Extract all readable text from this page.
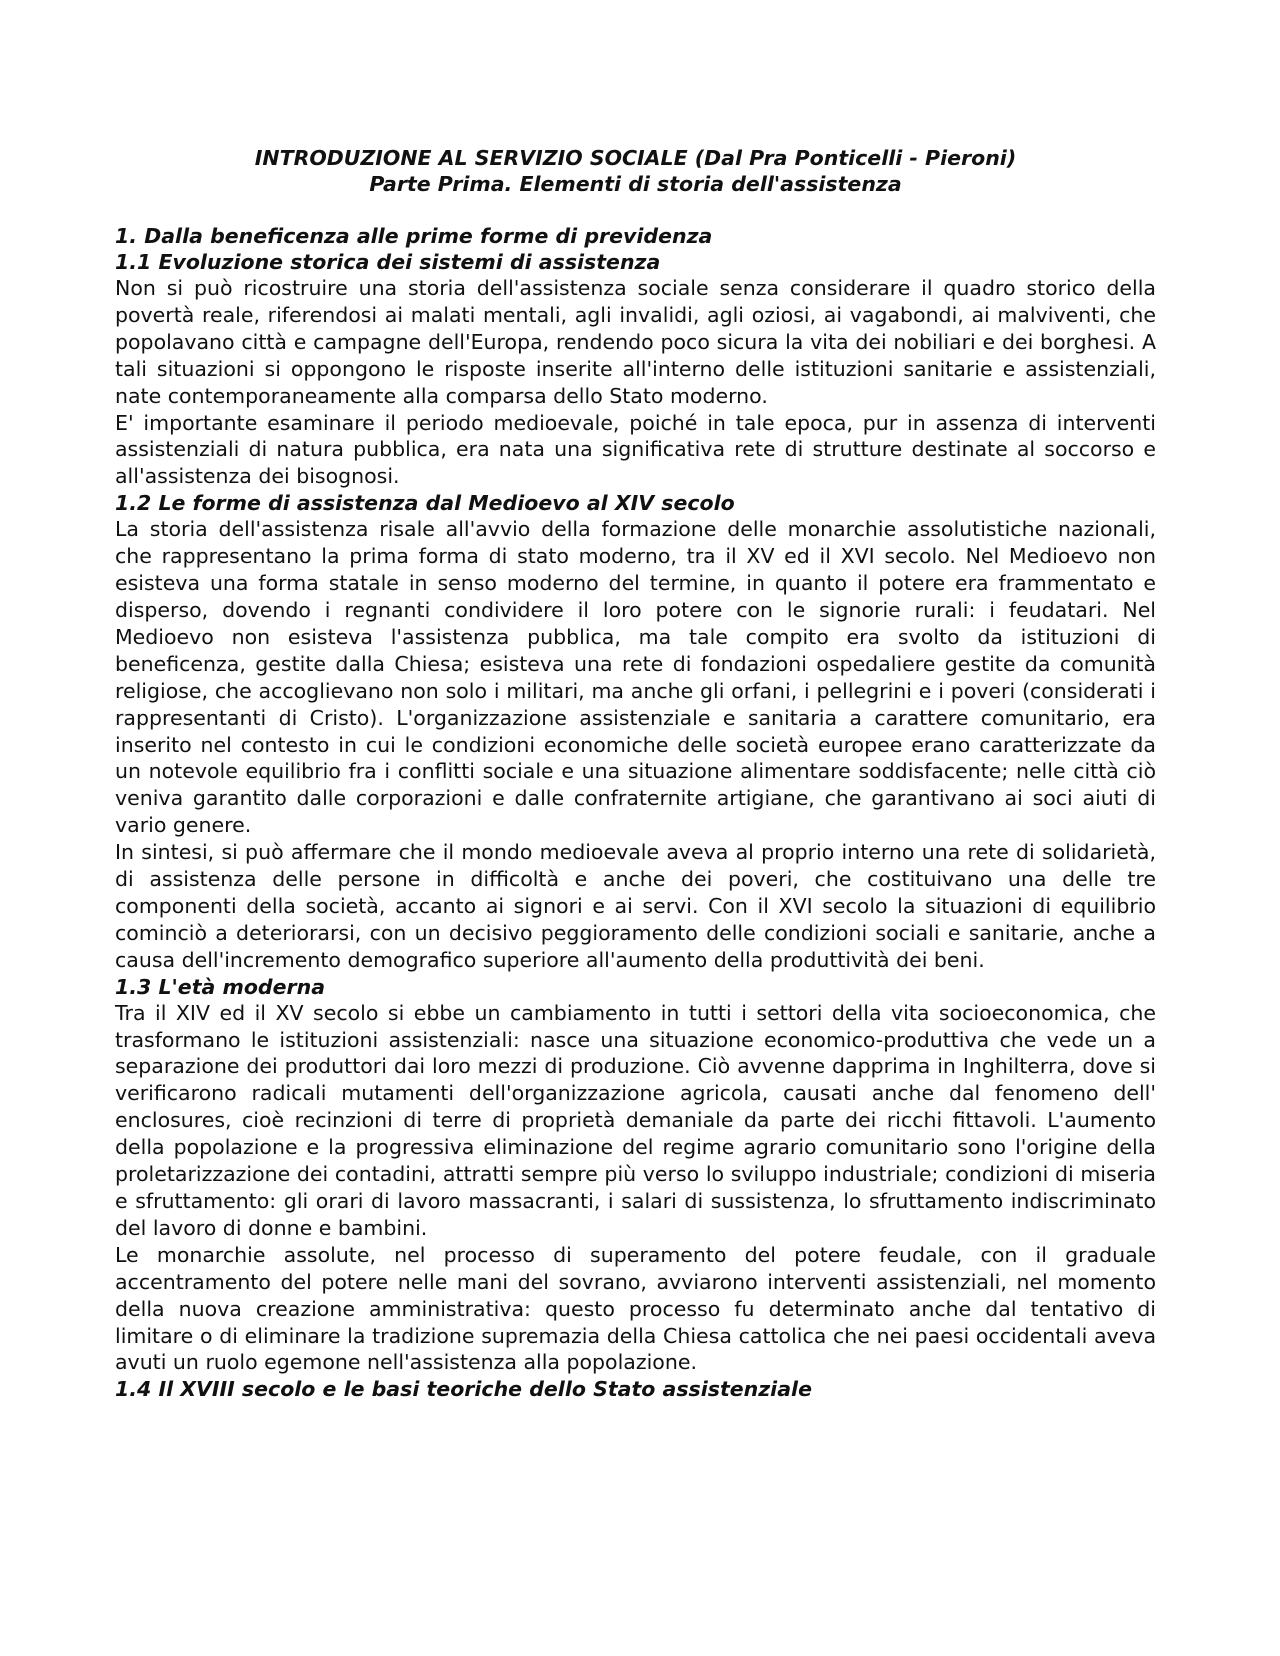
INTRODUZIONE AL SERVIZIO SOCIALE (Dal Pra Ponticelli - Pieroni)
Parte Prima. Elementi di storia dell'assistenza
1. Dalla beneficenza alle prime forme di previdenza
1.1 Evoluzione storica dei sistemi di assistenza

Non si può ricostruire una storia dell'assistenza sociale senza considerare il quadro storico della povertà reale, riferendosi ai malati mentali, agli invalidi, agli oziosi, ai vagabondi, ai malviventi, che popolavano città e campagne dell'Europa, rendendo poco sicura la vita dei nobiliari e dei borghesi. A tali situazioni si oppongono le risposte inserite all'interno delle istituzioni sanitarie e assistenziali, nate contemporaneamente alla comparsa dello Stato moderno.

E' importante esaminare il periodo medioevale, poiché in tale epoca, pur in assenza di interventi assistenziali di natura pubblica, era nata una significativa rete di strutture destinate al soccorso e all'assistenza dei bisognosi.

1.2 Le forme di assistenza dal Medioevo al XIV secolo

La storia dell'assistenza risale all'avvio della formazione delle monarchie assolutistiche nazionali, che rappresentano la prima forma di stato moderno, tra il XV ed il XVI secolo. Nel Medioevo non esisteva una forma statale in senso moderno del termine, in quanto il potere era frammentato e disperso, dovendo i regnanti condividere il loro potere con le signorie rurali: i feudatari. Nel Medioevo non esisteva l'assistenza pubblica, ma tale compito era svolto da istituzioni di beneficenza, gestite dalla Chiesa; esisteva una rete di fondazioni ospedaliere gestite da comunità religiose, che accoglievano non solo i militari, ma anche gli orfani, i pellegrini e i poveri (considerati i rappresentanti di Cristo). L'organizzazione assistenziale e sanitaria a carattere comunitario, era inserito nel contesto in cui le condizioni economiche delle società europee erano caratterizzate da un notevole equilibrio fra i conflitti sociale e una situazione alimentare soddisfacente; nelle città ciò veniva garantito dalle corporazioni e dalle confraternite artigiane, che garantivano ai soci aiuti di vario genere.

In sintesi, si può affermare che il mondo medioevale aveva al proprio interno una rete di solidarietà, di assistenza delle persone in difficoltà e anche dei poveri, che costituivano una delle tre componenti della società, accanto ai signori e ai servi. Con il XVI secolo la situazioni di equilibrio cominciò a deteriorarsi, con un decisivo peggioramento delle condizioni sociali e sanitarie, anche a causa dell'incremento demografico superiore all'aumento della produttività dei beni.

1.3 L'età moderna

Tra il XIV ed il XV secolo si ebbe un cambiamento in tutti i settori della vita socioeconomica, che trasformano le istituzioni assistenziali: nasce una situazione economico-produttiva che vede un a separazione dei produttori dai loro mezzi di produzione. Ciò avvenne dapprima in Inghilterra, dove si verificarono radicali mutamenti dell'organizzazione agricola, causati anche dal fenomeno dell' enclosures, cioè recinzioni di terre di proprietà demaniale da parte dei ricchi fittavoli. L'aumento della popolazione e la progressiva eliminazione del regime agrario comunitario sono l'origine della proletarizzazione dei contadini, attratti sempre più verso lo sviluppo industriale; condizioni di miseria e sfruttamento: gli orari di lavoro massacranti, i salari di sussistenza, lo sfruttamento indiscriminato del lavoro di donne e bambini.

Le monarchie assolute, nel processo di superamento del potere feudale, con il graduale accentramento del potere nelle mani del sovrano, avviarono interventi assistenziali, nel momento della nuova creazione amministrativa: questo processo fu determinato anche dal tentativo di limitare o di eliminare la tradizione supremazia della Chiesa cattolica che nei paesi occidentali aveva avuti un ruolo egemone nell'assistenza alla popolazione.

1.4 Il XVIII secolo e le basi teoriche dello Stato assistenziale
